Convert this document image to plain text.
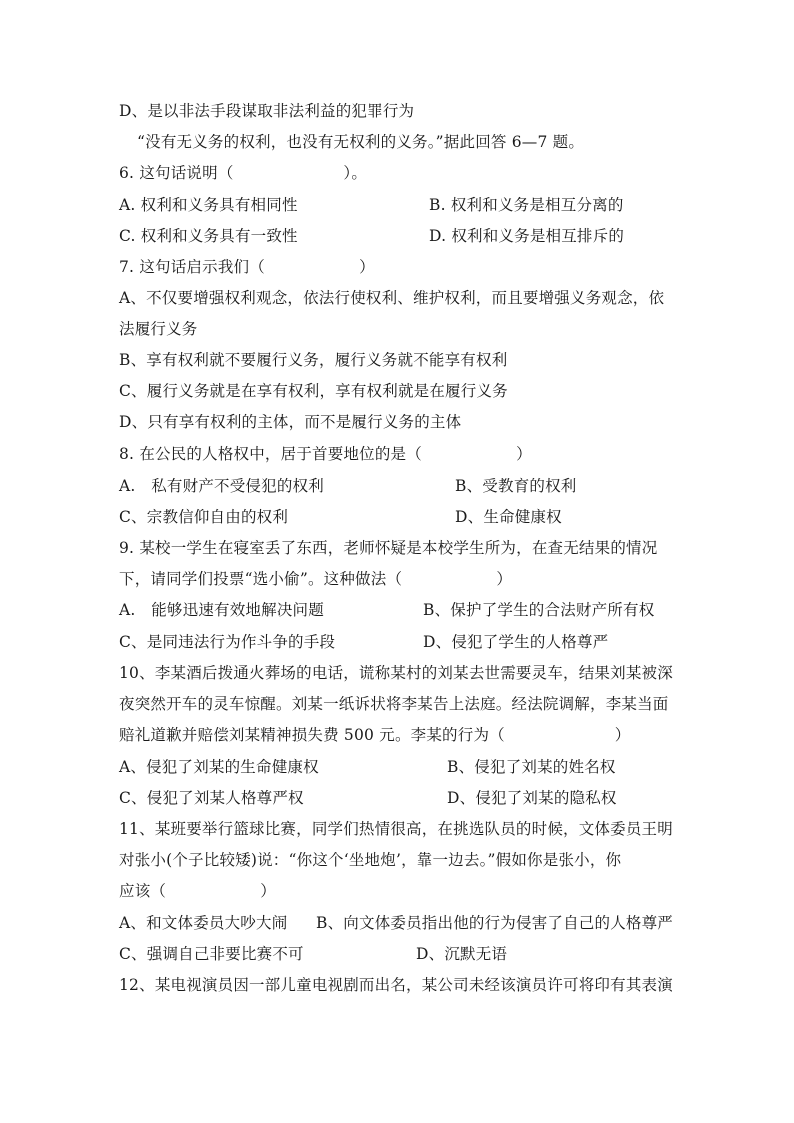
D、是以非法手段谋取非法利益的犯罪行为
“没有无义务的权利，也没有无权利的义务。”据此回答 6—7 题。
6. 这句话说明（　　　　　　　）。
A. 权利和义务具有相同性	B. 权利和义务是相互分离的
C. 权利和义务具有一致性	D. 权利和义务是相互排斥的
7. 这句话启示我们（　　　　　　）
A、不仅要增强权利观念，依法行使权利、维护权利，而且要增强义务观念，依
法履行义务
B、享有权利就不要履行义务，履行义务就不能享有权利
C、履行义务就是在享有权利，享有权利就是在履行义务
D、只有享有权利的主体，而不是履行义务的主体
8. 在公民的人格权中，居于首要地位的是（　　　　　　）
A.　私有财产不受侵犯的权利	B、受教育的权利
C、宗教信仰自由的权利	D、生命健康权
9. 某校一学生在寝室丢了东西，老师怀疑是本校学生所为，在查无结果的情况
下，请同学们投票“选小偷”。这种做法（　　　　　　）
A.　能够迅速有效地解决问题	B、保护了学生的合法财产所有权
C、是同违法行为作斗争的手段	D、侵犯了学生的人格尊严
10、李某酒后拨通火葬场的电话，谎称某村的刘某去世需要灵车，结果刘某被深
夜突然开车的灵车惊醒。刘某一纸诉状将李某告上法庭。经法院调解，李某当面
赔礼道歉并赔偿刘某精神损失费 500 元。李某的行为（　　　　　　　）
A、侵犯了刘某的生命健康权	B、侵犯了刘某的姓名权
C、侵犯了刘某人格尊严权	D、侵犯了刘某的隐私权
11、某班要举行篮球比赛，同学们热情很高，在挑选队员的时候，文体委员王明
对张小(个子比较矮)说：“你这个‘坐地炮’，靠一边去。”假如你是张小，你
应该（　　　　　　）
A、和文体委员大吵大闹 B、向文体委员指出他的行为侵害了自己的人格尊严
C、强调自己非要比赛不可	D、沉默无语
12、某电视演员因一部儿童电视剧而出名，某公司未经该演员许可将印有其表演
